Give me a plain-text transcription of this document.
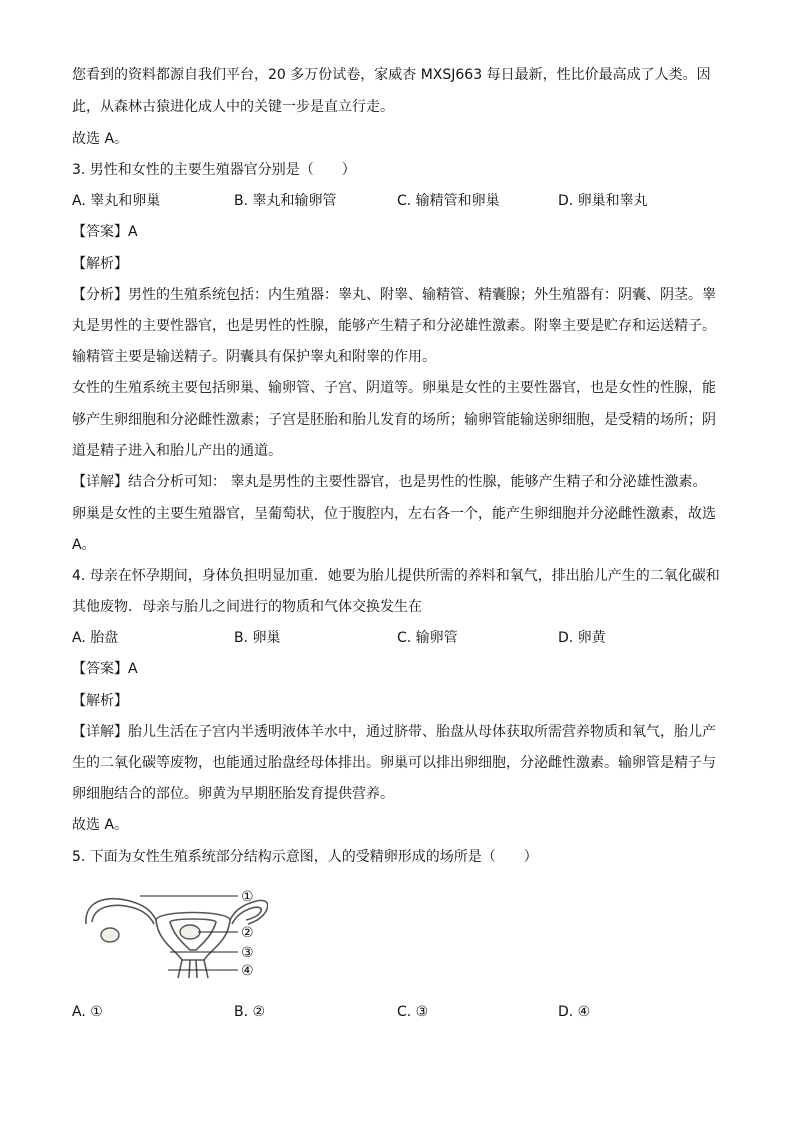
您看到的资料都源自我们平台，20 多万份试卷，家威杏 MXSJ663 每日最新，性比价最高成了人类。因
此，从森林古猿进化成人中的关键一步是直立行走。
故选 A。
3. 男性和女性的主要生殖器官分别是（　　）
A. 睾丸和卵巢	B. 睾丸和输卵管	C. 输精管和卵巢	D. 卵巢和睾丸
【答案】A
【解析】
【分析】男性的生殖系统包括：内生殖器：睾丸、附睾、输精管、精囊腺；外生殖器有：阴囊、阴茎。睾
丸是男性的主要性器官，也是男性的性腺，能够产生精子和分泌雄性激素。附睾主要是贮存和运送精子。
输精管主要是输送精子。阴囊具有保护睾丸和附睾的作用。
女性的生殖系统主要包括卵巢、输卵管、子宫、阴道等。卵巢是女性的主要性器官，也是女性的性腺，能
够产生卵细胞和分泌雌性激素；子宫是胚胎和胎儿发育的场所；输卵管能输送卵细胞，是受精的场所；阴
道是精子进入和胎儿产出的通道。
【详解】结合分析可知： 睾丸是男性的主要性器官，也是男性的性腺，能够产生精子和分泌雄性激素。
卵巢是女性的主要生殖器官，呈葡萄状，位于腹腔内，左右各一个，能产生卵细胞并分泌雌性激素，故选
A。
4. 母亲在怀孕期间，身体负担明显加重．她要为胎儿提供所需的养料和氧气，排出胎儿产生的二氧化碳和
其他废物．母亲与胎儿之间进行的物质和气体交换发生在
A. 胎盘	B. 卵巢	C. 输卵管	D. 卵黄
【答案】A
【解析】
【详解】胎儿生活在子宫内半透明液体羊水中，通过脐带、胎盘从母体获取所需营养物质和氧气，胎儿产
生的二氧化碳等废物，也能通过胎盘经母体排出。卵巢可以排出卵细胞，分泌雌性激素。输卵管是精子与
卵细胞结合的部位。卵黄为早期胚胎发育提供营养。
故选 A。
5. 下面为女性生殖系统部分结构示意图，人的受精卵形成的场所是（　　）
①
②
③
④
A. ①	B. ②	C. ③	D. ④
